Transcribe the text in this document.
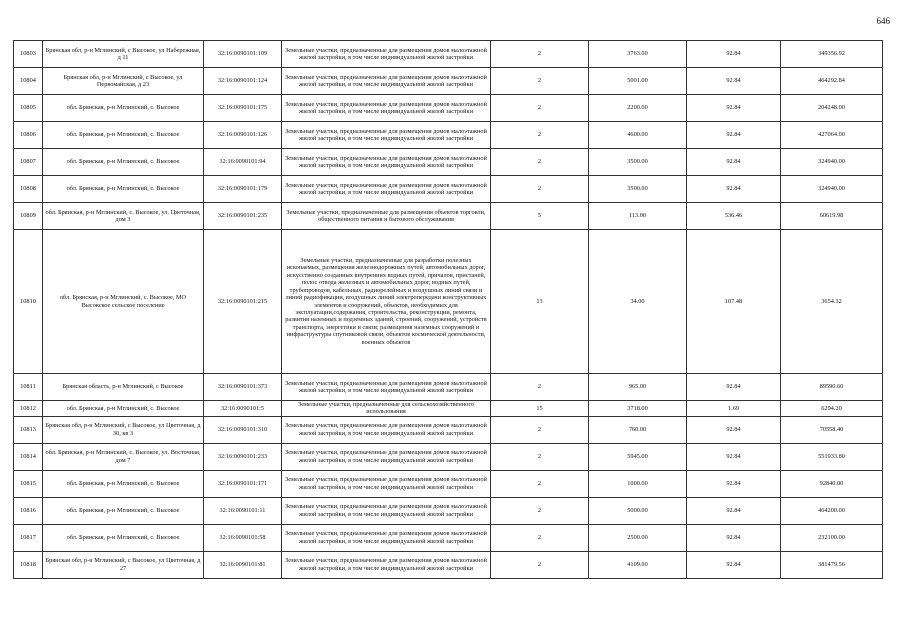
646
10803	Брянская обл, р-н Мглинский, с Высокое, ул Набережная, д 11	32:16:0090101:109	Земельные участки, предназначенные для размещения домов малоэтажной жилой застройки, в том числе индивидуальной жилой застройки	2	3763.00	92.84	349356.92
10804	Брянская обл, р-н Мглинский, с Высокое, ул Первомайская, д 23	32:16:0090101:124	Земельные участки, предназначенные для размещения домов малоэтажной жилой застройки, в том числе индивидуальной жилой застройки	2	5001.00	92.84	464292.84
10805	обл. Брянская, р-н Мглинский, с. Высокое	32:16:0090101:175	Земельные участки, предназначенные для размещения домов малоэтажной жилой застройки, в том числе индивидуальной жилой застройки	2	2200.00	92.84	204248.00
10806	обл. Брянская, р-н Мглинский, с. Высокое	32:16:0090101:126	Земельные участки, предназначенные для размещения домов малоэтажной жилой застройки, в том числе индивидуальной жилой застройки	2	4600.00	92.84	427064.00
10807	обл. Брянская, р-н Мглинский, с. Высокое	32:16:0090101:94	Земельные участки, предназначенные для размещения домов малоэтажной жилой застройки, в том числе индивидуальной жилой застройки	2	3500.00	92.84	324940.00
10808	обл. Брянская, р-н Мглинский, с. Высокое	32:16:0090101:179	Земельные участки, предназначенные для размещения домов малоэтажной жилой застройки, в том числе индивидуальной жилой застройки	2	3500.00	92.84	324940.00
10809	обл. Брянская, р-н Мглинский, с. Высокое, ул. Цветочная, дом 3	32:16:0090101:235	Земельные участки, предназначенные для размещения объектов торговли, общественного питания и бытового обслуживания	5	113.00	536.46	60619.98
10810	обл. Брянская, р-н Мглинский, с. Высокое, МО Высокское сельское поселение	32:16:0090101:215	Земельные участки, предназначенные для разработки полезных ископаемых, размещения железнодорожных путей, автомобильных дорог, искусственно созданных внутренних водных путей, причалов, пристаней, полос отвода железных и автомобильных дорог, водных путей, трубопроводов, кабельных, радиорелейных и воздушных линий связи и линий радиофикации, воздушных линий электропередачи конструктивных элементов и сооружений, объектов, необходимых для эксплуатации,содержания, строительства, реконструкции, ремонта, развития наземных и подземных зданий, строений, сооружений, устройств транспорта, энергетики и связи; размещения наземных сооружений и инфраструктуры спутниковой связи, объектов космической деятельности, военных объектов	13	34.00	107.48	3654.32
10811	Брянская область, р-н Мглинский, с Высокое	32:16:0090101:373	Земельные участки, предназначенные для размещения домов малоэтажной жилой застройки, в том числе индивидуальной жилой застройки	2	965.00	92.84	89590.60
10812	обл. Брянская, р-н Мглинский, с. Высокое	32:16:0090101:5	Земельные участки, предназначенные для сельскохозяйственного использования	15	3718.00	1.69	6294.20
10813	Брянская обл, р-н Мглинский, с Высокое, ул Цветочная, д 30, кв 3	32:16:0090101:310	Земельные участки, предназначенные для размещения домов малоэтажной жилой застройки, в том числе индивидуальной жилой застройки	2	760.00	92.84	70558.40
10814	обл. Брянская, р-н Мглинский, с. Высокое, ул. Восточная, дом 7	32:16:0090101:233	Земельные участки, предназначенные для размещения домов малоэтажной жилой застройки, в том числе индивидуальной жилой застройки	2	5945.00	92.84	551933.80
10815	обл. Брянская, р-н Мглинский, с. Высокое	32:16:0090101:171	Земельные участки, предназначенные для размещения домов малоэтажной жилой застройки, в том числе индивидуальной жилой застройки	2	1000.00	92.84	92840.00
10816	обл. Брянская, р-н Мглинский, с. Высокое	32:16:0090101:11	Земельные участки, предназначенные для размещения домов малоэтажной жилой застройки, в том числе индивидуальной жилой застройки	2	5000.00	92.84	464200.00
10817	обл. Брянская, р-н Мглинский, с. Высокое	32:16:0090101:58	Земельные участки, предназначенные для размещения домов малоэтажной жилой застройки, в том числе индивидуальной жилой застройки	2	2500.00	92.84	232100.00
10818	Брянская обл, р-н Мглинский, с Высокое, ул Цветочная, д 27	32:16:0090101:81	Земельные участки, предназначенные для размещения домов малоэтажной жилой застройки, в том числе индивидуальной жилой застройки	2	4109.00	92.84	381479.56
